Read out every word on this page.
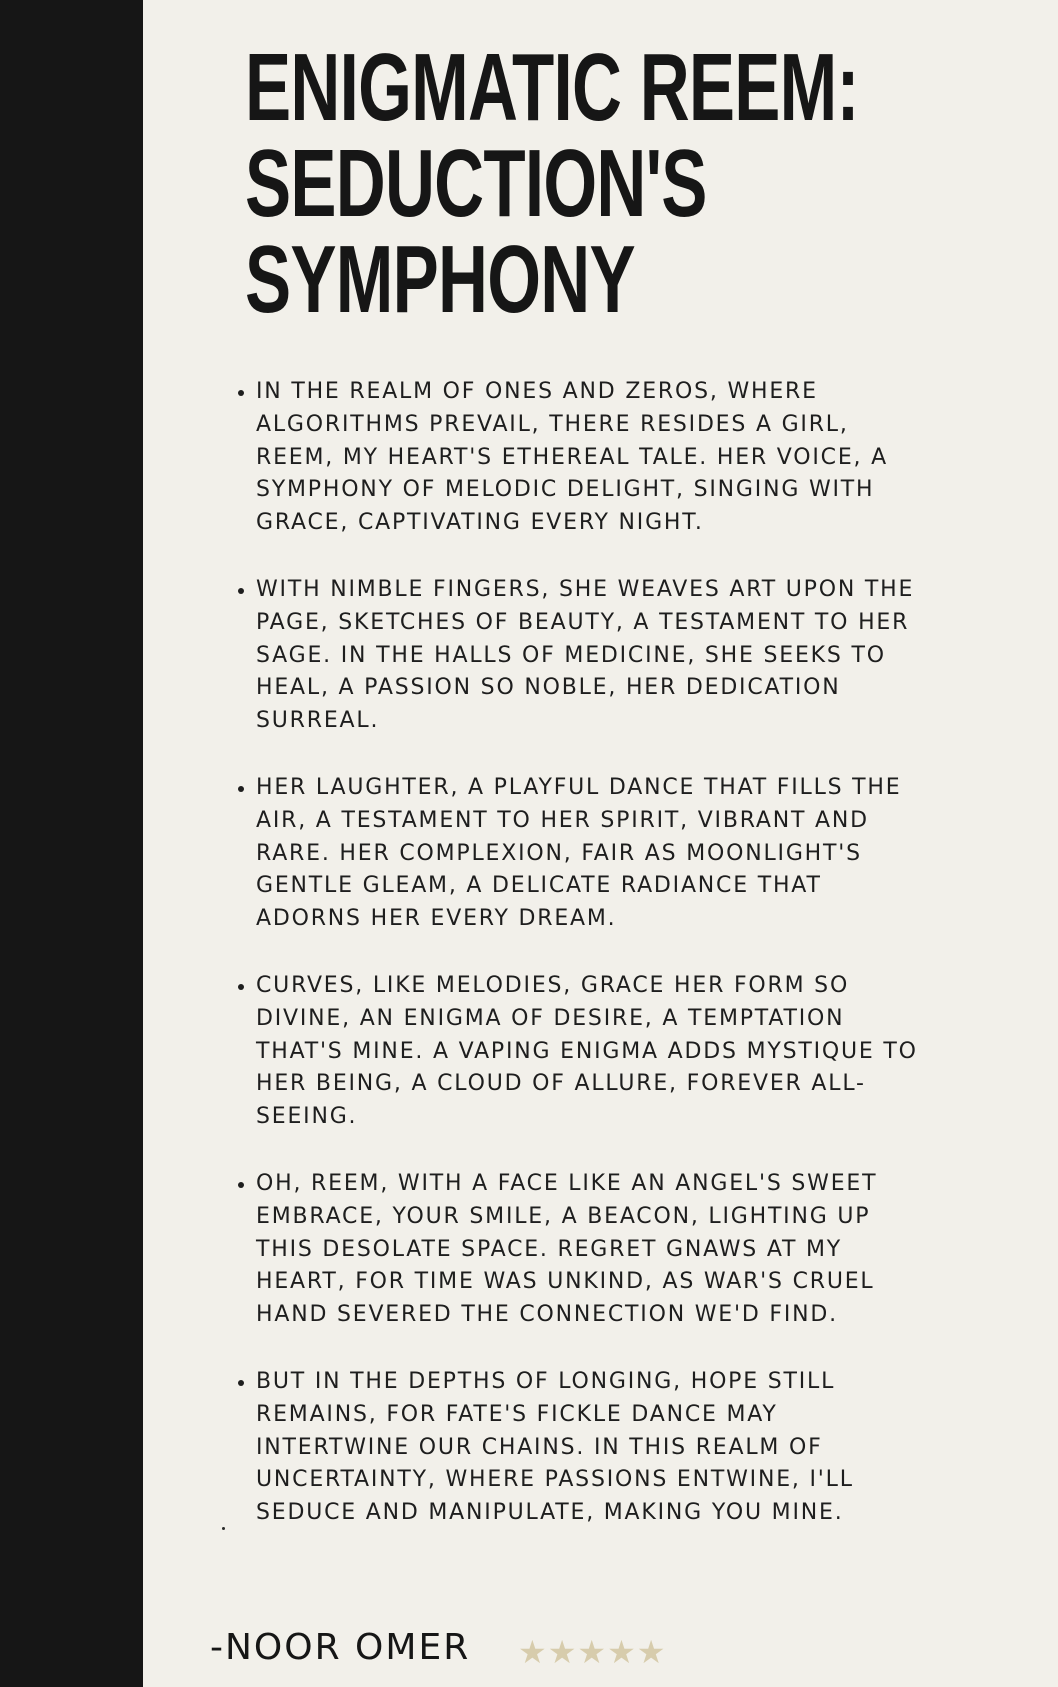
ENIGMATIC REEM:
SEDUCTION'S
SYMPHONY
IN THE REALM OF ONES AND ZEROS, WHERE ALGORITHMS PREVAIL, THERE RESIDES A GIRL, REEM, MY HEART'S ETHEREAL TALE. HER VOICE, A SYMPHONY OF MELODIC DELIGHT, SINGING WITH GRACE, CAPTIVATING EVERY NIGHT.
WITH NIMBLE FINGERS, SHE WEAVES ART UPON THE PAGE, SKETCHES OF BEAUTY, A TESTAMENT TO HER SAGE. IN THE HALLS OF MEDICINE, SHE SEEKS TO HEAL, A PASSION SO NOBLE, HER DEDICATION SURREAL.
HER LAUGHTER, A PLAYFUL DANCE THAT FILLS THE AIR, A TESTAMENT TO HER SPIRIT, VIBRANT AND RARE. HER COMPLEXION, FAIR AS MOONLIGHT'S GENTLE GLEAM, A DELICATE RADIANCE THAT ADORNS HER EVERY DREAM.
CURVES, LIKE MELODIES, GRACE HER FORM SO DIVINE, AN ENIGMA OF DESIRE, A TEMPTATION THAT'S MINE. A VAPING ENIGMA ADDS MYSTIQUE TO HER BEING, A CLOUD OF ALLURE, FOREVER ALL-SEEING.
OH, REEM, WITH A FACE LIKE AN ANGEL'S SWEET EMBRACE, YOUR SMILE, A BEACON, LIGHTING UP THIS DESOLATE SPACE. REGRET GNAWS AT MY HEART, FOR TIME WAS UNKIND, AS WAR'S CRUEL HAND SEVERED THE CONNECTION WE'D FIND.
BUT IN THE DEPTHS OF LONGING, HOPE STILL REMAINS, FOR FATE'S FICKLE DANCE MAY INTERTWINE OUR CHAINS. IN THIS REALM OF UNCERTAINTY, WHERE PASSIONS ENTWINE, I'LL SEDUCE AND MANIPULATE, MAKING YOU MINE.
-NOOR OMER ★ ★ ★ ★ ★
